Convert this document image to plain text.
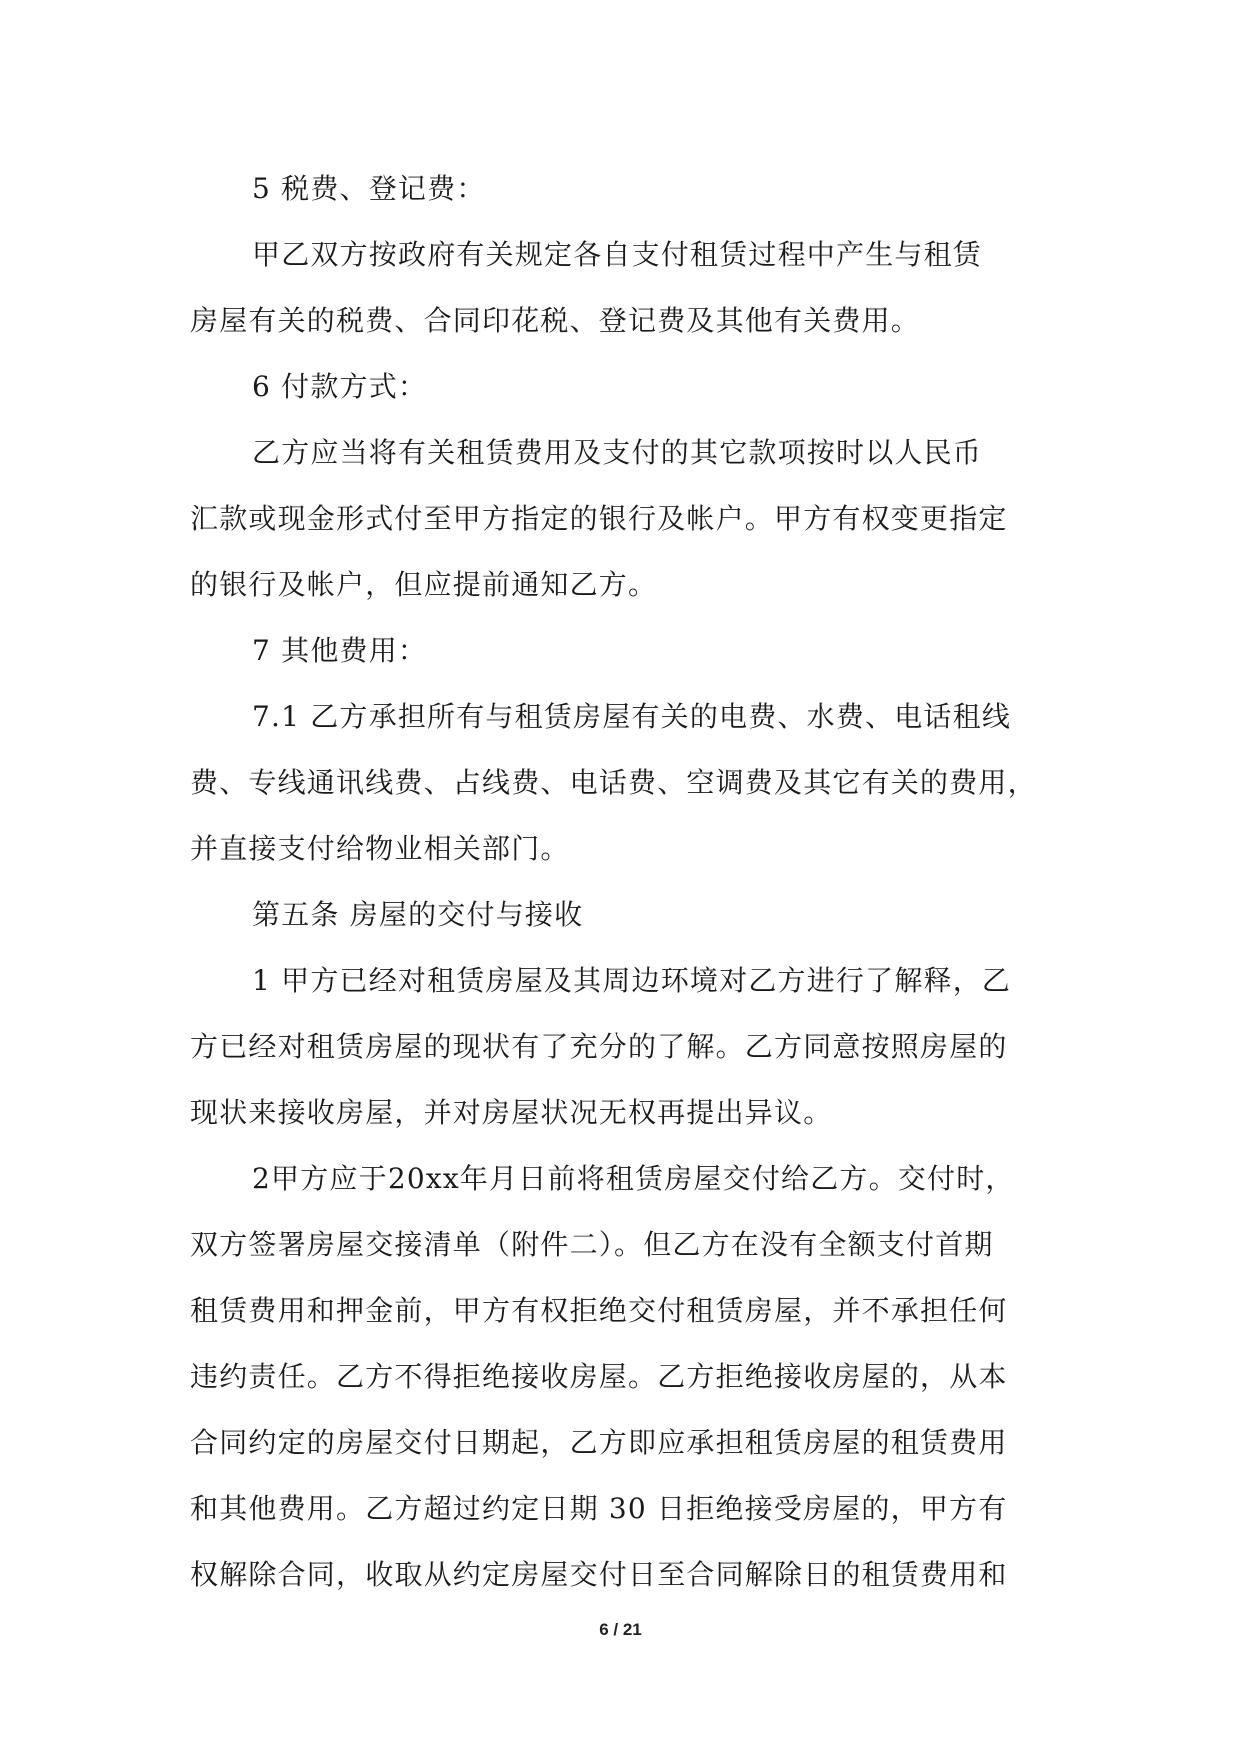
5 税费、登记费：
甲乙双方按政府有关规定各自支付租赁过程中产生与租赁
房屋有关的税费、合同印花税、登记费及其他有关费用。
6 付款方式：
乙方应当将有关租赁费用及支付的其它款项按时以人民币
汇款或现金形式付至甲方指定的银行及帐户。甲方有权变更指定
的银行及帐户，但应提前通知乙方。
7 其他费用：
7.1 乙方承担所有与租赁房屋有关的电费、水费、电话租线
费、专线通讯线费、占线费、电话费、空调费及其它有关的费用，
并直接支付给物业相关部门。
第五条 房屋的交付与接收
1 甲方已经对租赁房屋及其周边环境对乙方进行了解释，乙
方已经对租赁房屋的现状有了充分的了解。乙方同意按照房屋的
现状来接收房屋，并对房屋状况无权再提出异议。
2甲方应于20xx年月日前将租赁房屋交付给乙方。交付时，
双方签署房屋交接清单（附件二）。但乙方在没有全额支付首期
租赁费用和押金前，甲方有权拒绝交付租赁房屋，并不承担任何
违约责任。乙方不得拒绝接收房屋。乙方拒绝接收房屋的，从本
合同约定的房屋交付日期起，乙方即应承担租赁房屋的租赁费用
和其他费用。乙方超过约定日期 30 日拒绝接受房屋的，甲方有
权解除合同，收取从约定房屋交付日至合同解除日的租赁费用和
6 / 21
